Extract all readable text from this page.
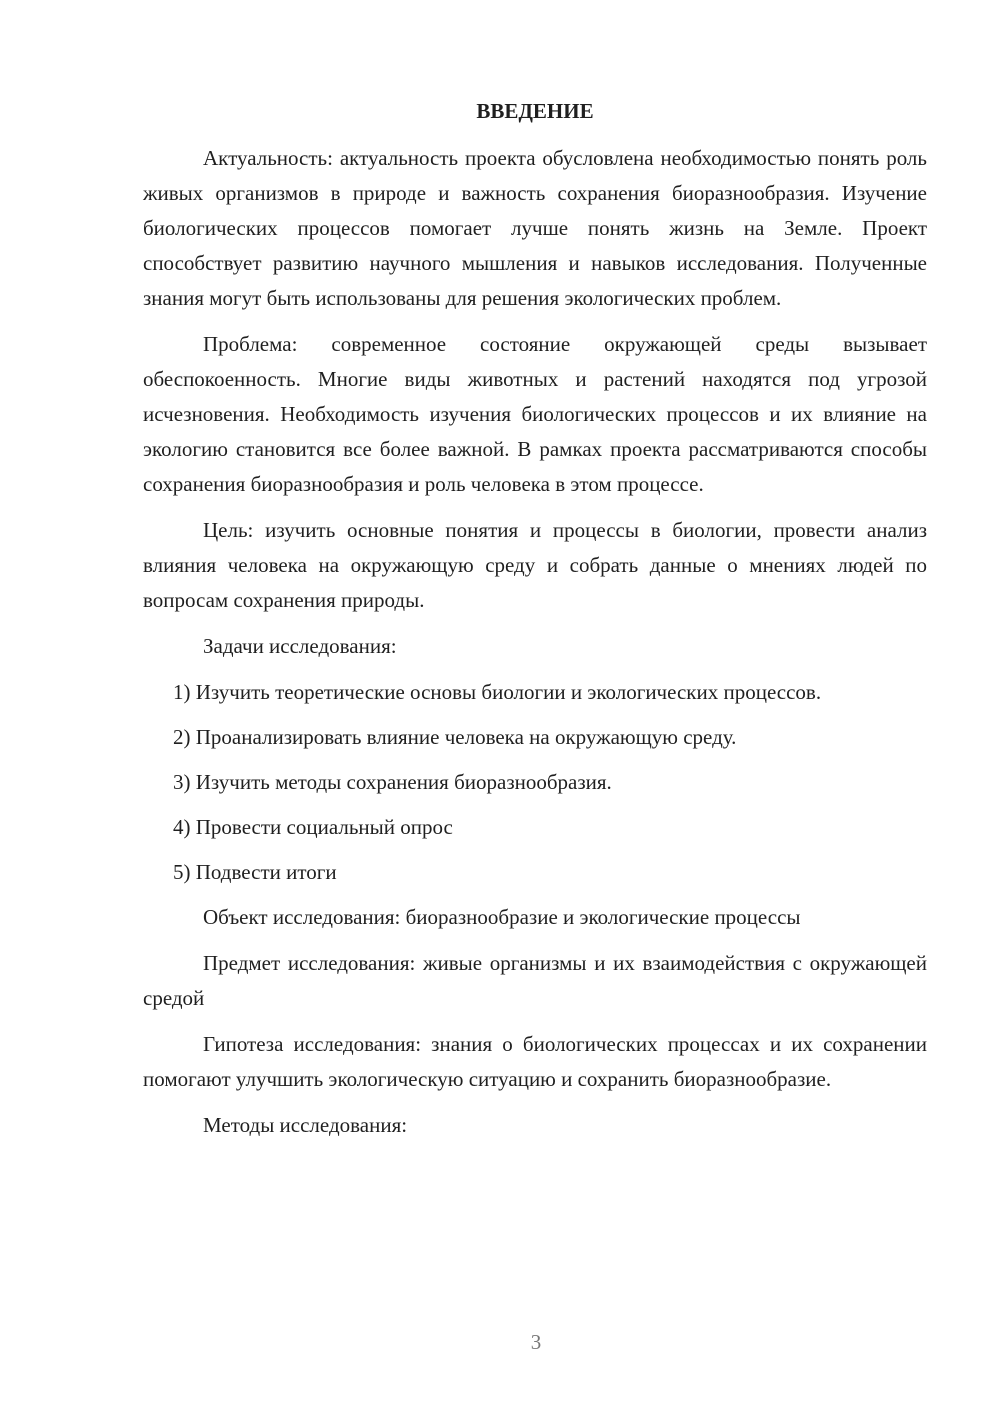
ВВЕДЕНИЕ

Актуальность: актуальность проекта обусловлена необходимостью понять роль живых организмов в природе и важность сохранения биоразнообразия. Изучение биологических процессов помогает лучше понять жизнь на Земле. Проект способствует развитию научного мышления и навыков исследования. Полученные знания могут быть использованы для решения экологических проблем.

Проблема: современное состояние окружающей среды вызывает обеспокоенность. Многие виды животных и растений находятся под угрозой исчезновения. Необходимость изучения биологических процессов и их влияние на экологию становится все более важной. В рамках проекта рассматриваются способы сохранения биоразнообразия и роль человека в этом процессе.

Цель: изучить основные понятия и процессы в биологии, провести анализ влияния человека на окружающую среду и собрать данные о мнениях людей по вопросам сохранения природы.

Задачи исследования:

1) Изучить теоретические основы биологии и экологических процессов.

2) Проанализировать влияние человека на окружающую среду.

3) Изучить методы сохранения биоразнообразия.

4) Провести социальный опрос

5) Подвести итоги

Объект исследования: биоразнообразие и экологические процессы

Предмет исследования: живые организмы и их взаимодействия с окружающей средой

Гипотеза исследования: знания о биологических процессах и их сохранении помогают улучшить экологическую ситуацию и сохранить биоразнообразие.

Методы исследования:

3
